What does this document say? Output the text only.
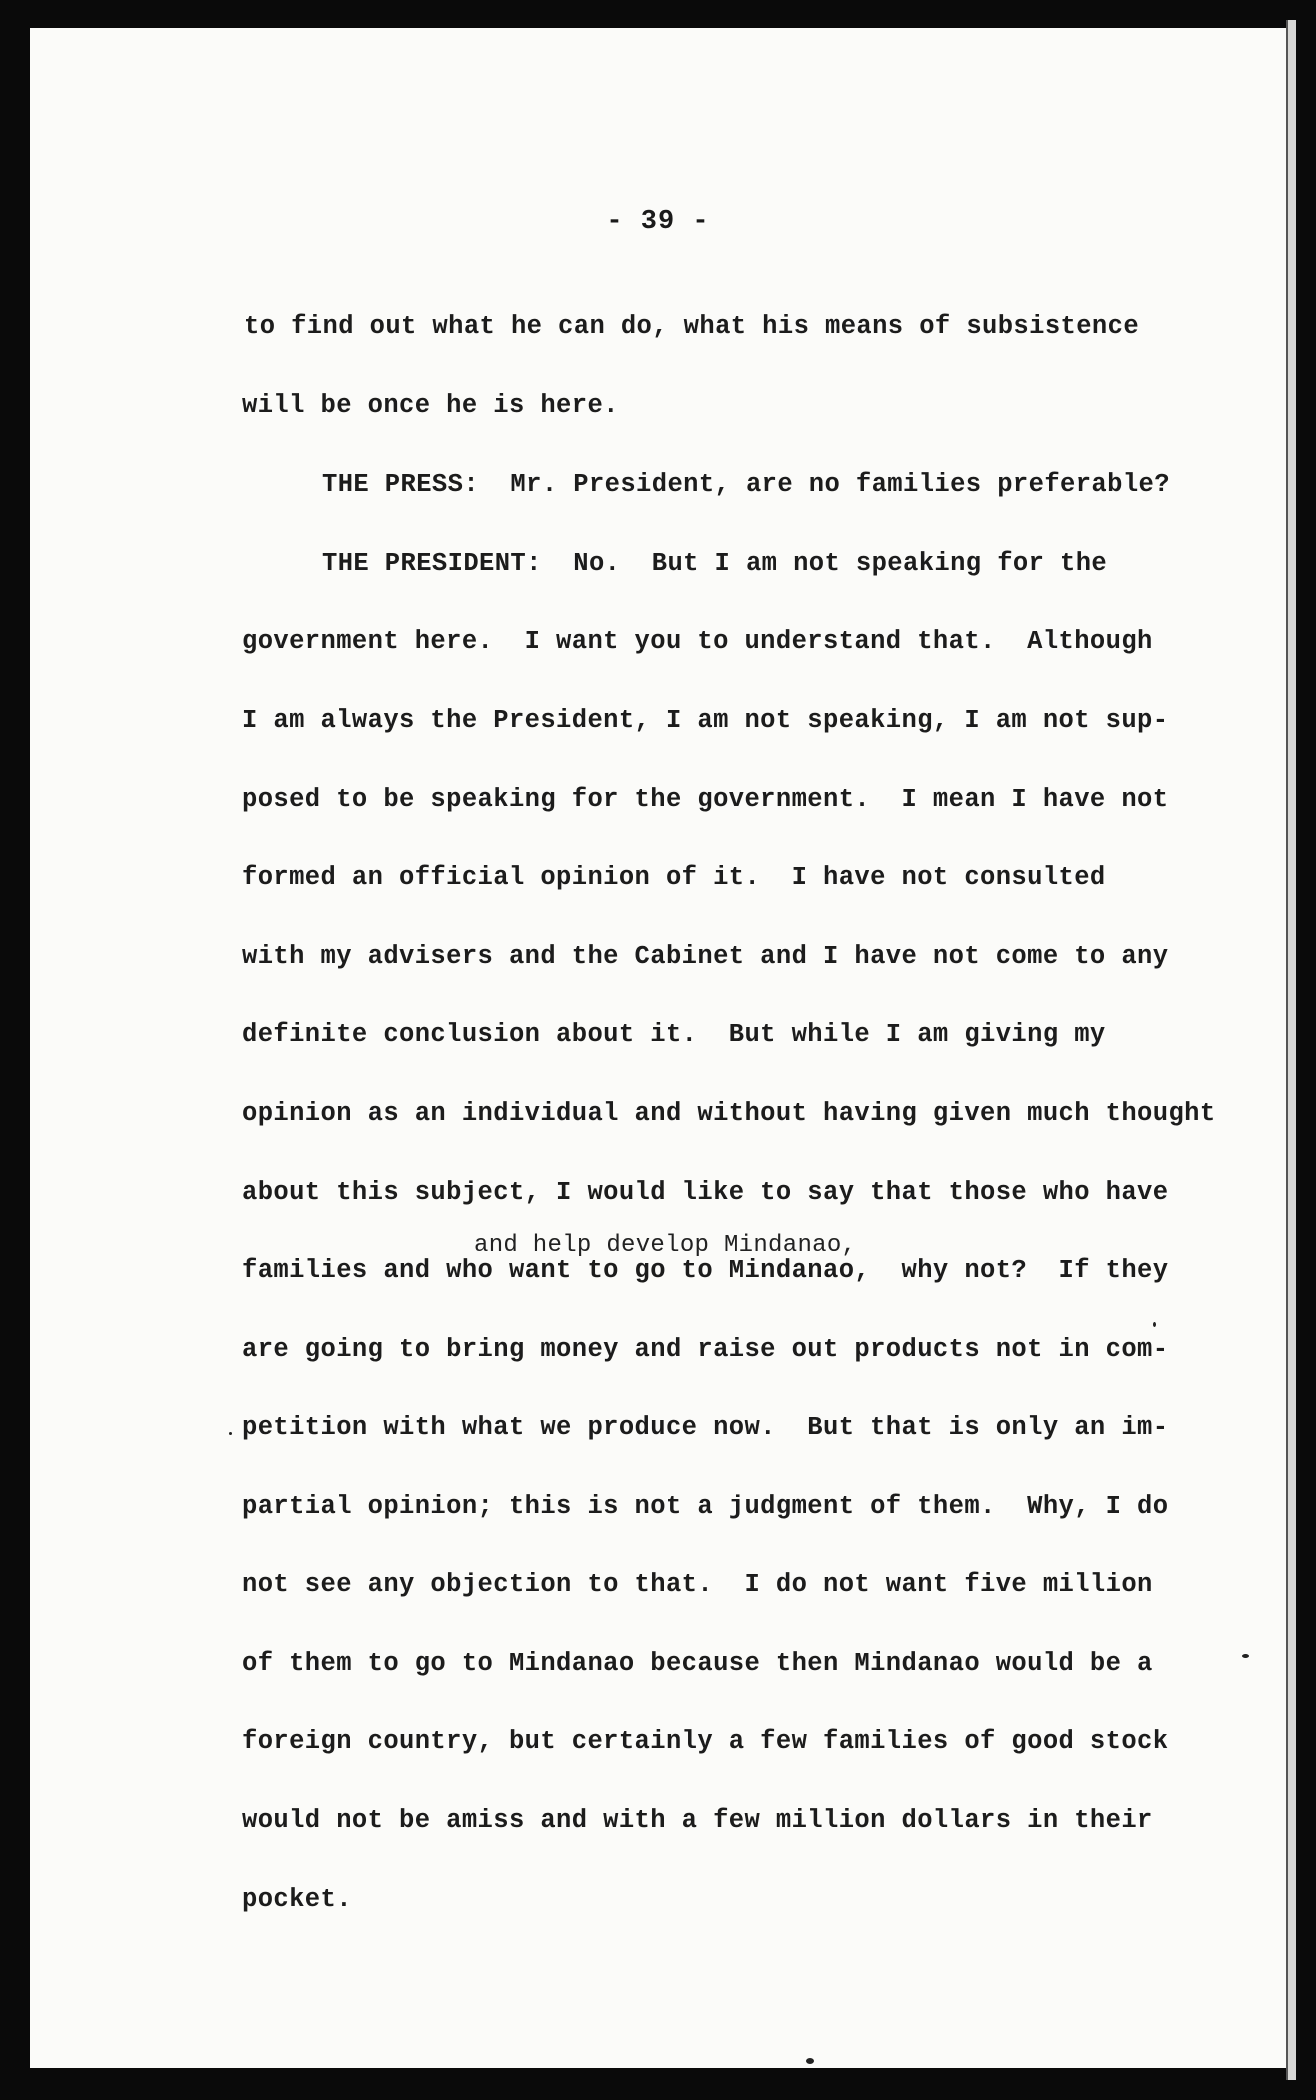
- 39 -
to find out what he can do, what his means of subsistence
will be once he is here.
THE PRESS:  Mr. President, are no families preferable?
THE PRESIDENT:  No.  But I am not speaking for the
government here.  I want you to understand that.  Although
I am always the President, I am not speaking, I am not sup-
posed to be speaking for the government.  I mean I have not
formed an official opinion of it.  I have not consulted
with my advisers and the Cabinet and I have not come to any
definite conclusion about it.  But while I am giving my
opinion as an individual and without having given much thought
about this subject, I would like to say that those who have
and help develop Mindanao,
families and who want to go to Mindanao,  why not?  If they
are going to bring money and raise out products not in com-
petition with what we produce now.  But that is only an im-
partial opinion; this is not a judgment of them.  Why, I do
not see any objection to that.  I do not want five million
of them to go to Mindanao because then Mindanao would be a
foreign country, but certainly a few families of good stock
would not be amiss and with a few million dollars in their
pocket.
